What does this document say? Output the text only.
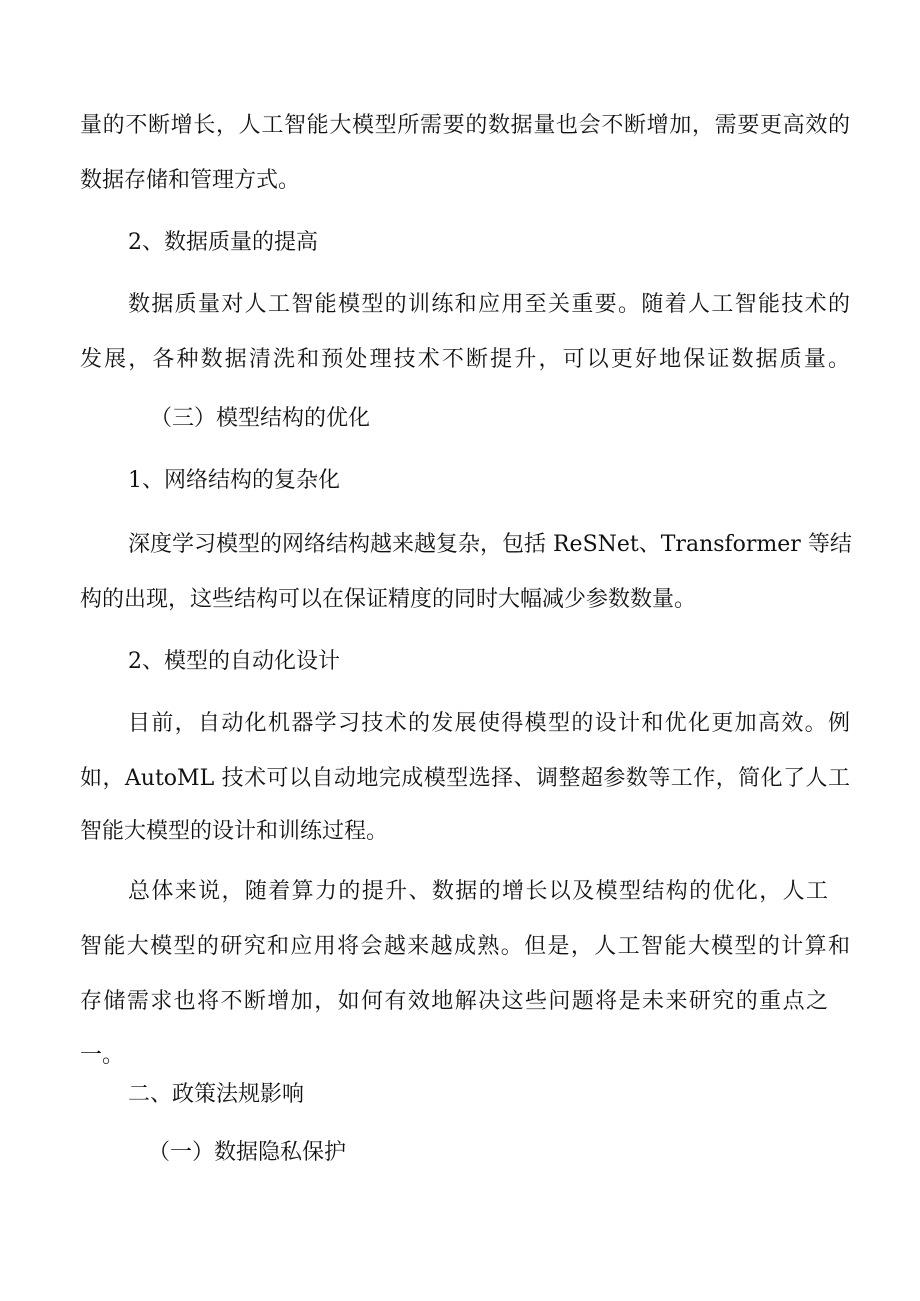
量的不断增长，人工智能大模型所需要的数据量也会不断增加，需要更高效的
数据存储和管理方式。
2、数据质量的提高
数据质量对人工智能模型的训练和应用至关重要。随着人工智能技术的
发展，各种数据清洗和预处理技术不断提升，可以更好地保证数据质量。
（三）模型结构的优化
1、网络结构的复杂化
深度学习模型的网络结构越来越复杂，包括 ReSNet、Transformer 等结
构的出现，这些结构可以在保证精度的同时大幅减少参数数量。
2、模型的自动化设计
目前，自动化机器学习技术的发展使得模型的设计和优化更加高效。例
如，AutoML 技术可以自动地完成模型选择、调整超参数等工作，简化了人工
智能大模型的设计和训练过程。
总体来说，随着算力的提升、数据的增长以及模型结构的优化，人工
智能大模型的研究和应用将会越来越成熟。但是，人工智能大模型的计算和
存储需求也将不断增加，如何有效地解决这些问题将是未来研究的重点之
一。
二、政策法规影响
（一）数据隐私保护
